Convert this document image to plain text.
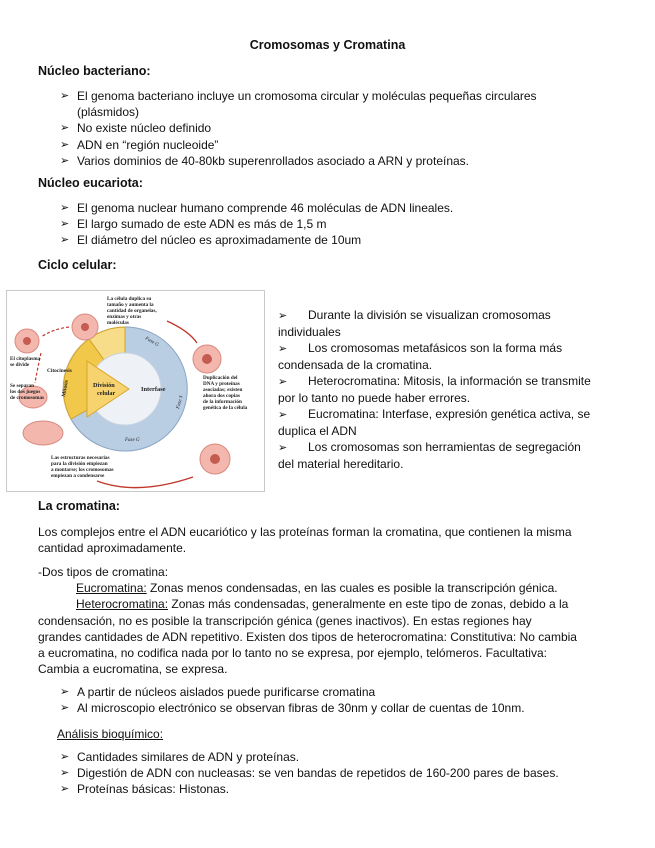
Cromosomas y Cromatina
Núcleo bacteriano:
➢ El genoma bacteriano incluye un cromosoma circular y moléculas pequeñas circulares
(plásmidos)
➢ No existe núcleo definido
➢ ADN en “región nucleoide”
➢ Varios dominios de 40-80kb superenrollados asociado a ARN y proteínas.
Núcleo eucariota:
➢ El genoma nuclear humano comprende 46 moléculas de ADN lineales.
➢ El largo sumado de este ADN es más de 1,5 m
➢ El diámetro del núcleo es aproximadamente de 10um
Ciclo celular:
La célula duplica su tamaño y aumenta la cantidad de organelas, enzimas y otras moléculas
El citoplasma se divide
Citocinesis
Mitosis
Se separan los dos juegos de cromosomas
División celular
Interfase
Fase G
Fase G
Fase S
Duplicación del DNA y proteínas asociadas; existen ahora dos copias de la información genética de la célula
Las estructuras necesarias para la división empiezan a montarse; los cromosomas empiezan a condensarse

➢ Durante la división se visualizan cromosomas

individuales

➢ Los cromosomas metafásicos son la forma más

condensada de la cromatina.

➢ Heterocromatina: Mitosis, la información se transmite

por lo tanto no puede haber errores.

➢ Eucromatina: Interfase, expresión genética activa, se

duplica el ADN

➢ Los cromosomas son herramientas de segregación

del material hereditario.

La cromatina:
Los complejos entre el ADN eucariótico y las proteínas forman la cromatina, que contienen la misma
cantidad aproximadamente.
-Dos tipos de cromatina:
Eucromatina: Zonas menos condensadas, en las cuales es posible la transcripción génica.
Heterocromatina: Zonas más condensadas, generalmente en este tipo de zonas, debido a la
condensación, no es posible la transcripción génica (genes inactivos). En estas regiones hay
grandes cantidades de ADN repetitivo. Existen dos tipos de heterocromatina: Constitutiva: No cambia
a eucromatina, no codifica nada por lo tanto no se expresa, por ejemplo, telómeros. Facultativa:
Cambia a eucromatina, se expresa.
➢ A partir de núcleos aislados puede purificarse cromatina
➢ Al microscopio electrónico se observan fibras de 30nm y collar de cuentas de 10nm.
Análisis bioquímico:
➢ Cantidades similares de ADN y proteínas.
➢ Digestión de ADN con nucleasas: se ven bandas de repetidos de 160-200 pares de bases.
➢ Proteínas básicas: Histonas.
